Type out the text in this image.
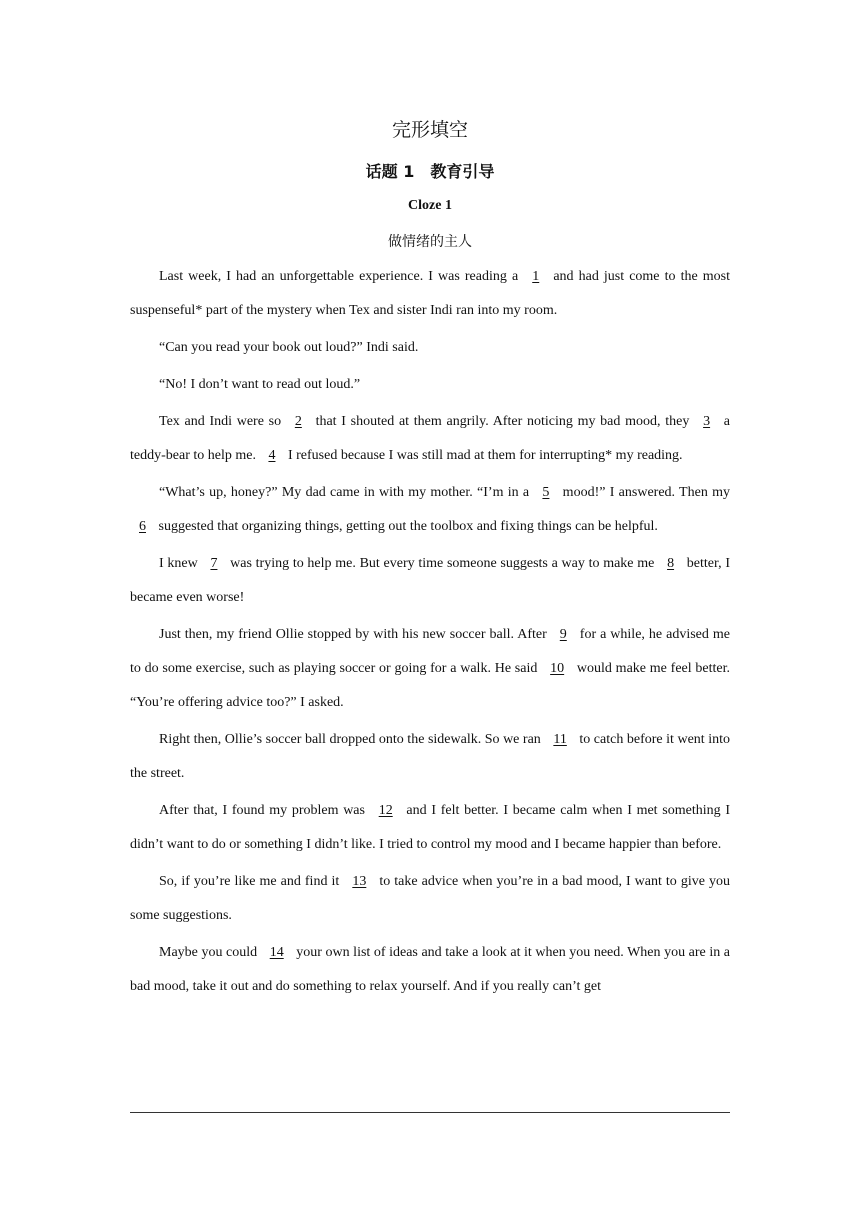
完形填空
话题 1　教育引导
Cloze 1
做情绪的主人

Last week, I had an unforgettable experience. I was reading a 1 and had just come to the most suspenseful* part of the mystery when Tex and sister Indi ran into my room.

“Can you read your book out loud?” Indi said.

“No! I don’t want to read out loud.”

Tex and Indi were so 2 that I shouted at them angrily. After noticing my bad mood, they 3 a teddy-bear to help me. 4 I refused because I was still mad at them for interrupting* my reading.

“What’s up, honey?” My dad came in with my mother. “I’m in a 5 mood!” I answered. Then my 6 suggested that organizing things, getting out the toolbox and fixing things can be helpful.

I knew 7 was trying to help me. But every time someone suggests a way to make me 8 better, I became even worse!

Just then, my friend Ollie stopped by with his new soccer ball. After 9 for a while, he advised me to do some exercise, such as playing soccer or going for a walk. He said 10 would make me feel better. “You’re offering advice too?” I asked.

Right then, Ollie’s soccer ball dropped onto the sidewalk. So we ran 11 to catch before it went into the street.

After that, I found my problem was 12 and I felt better. I became calm when I met something I didn’t want to do or something I didn’t like. I tried to control my mood and I became happier than before.

So, if you’re like me and find it 13 to take advice when you’re in a bad mood, I want to give you some suggestions.

Maybe you could 14 your own list of ideas and take a look at it when you need. When you are in a bad mood, take it out and do something to relax yourself. And if you really can’t get
